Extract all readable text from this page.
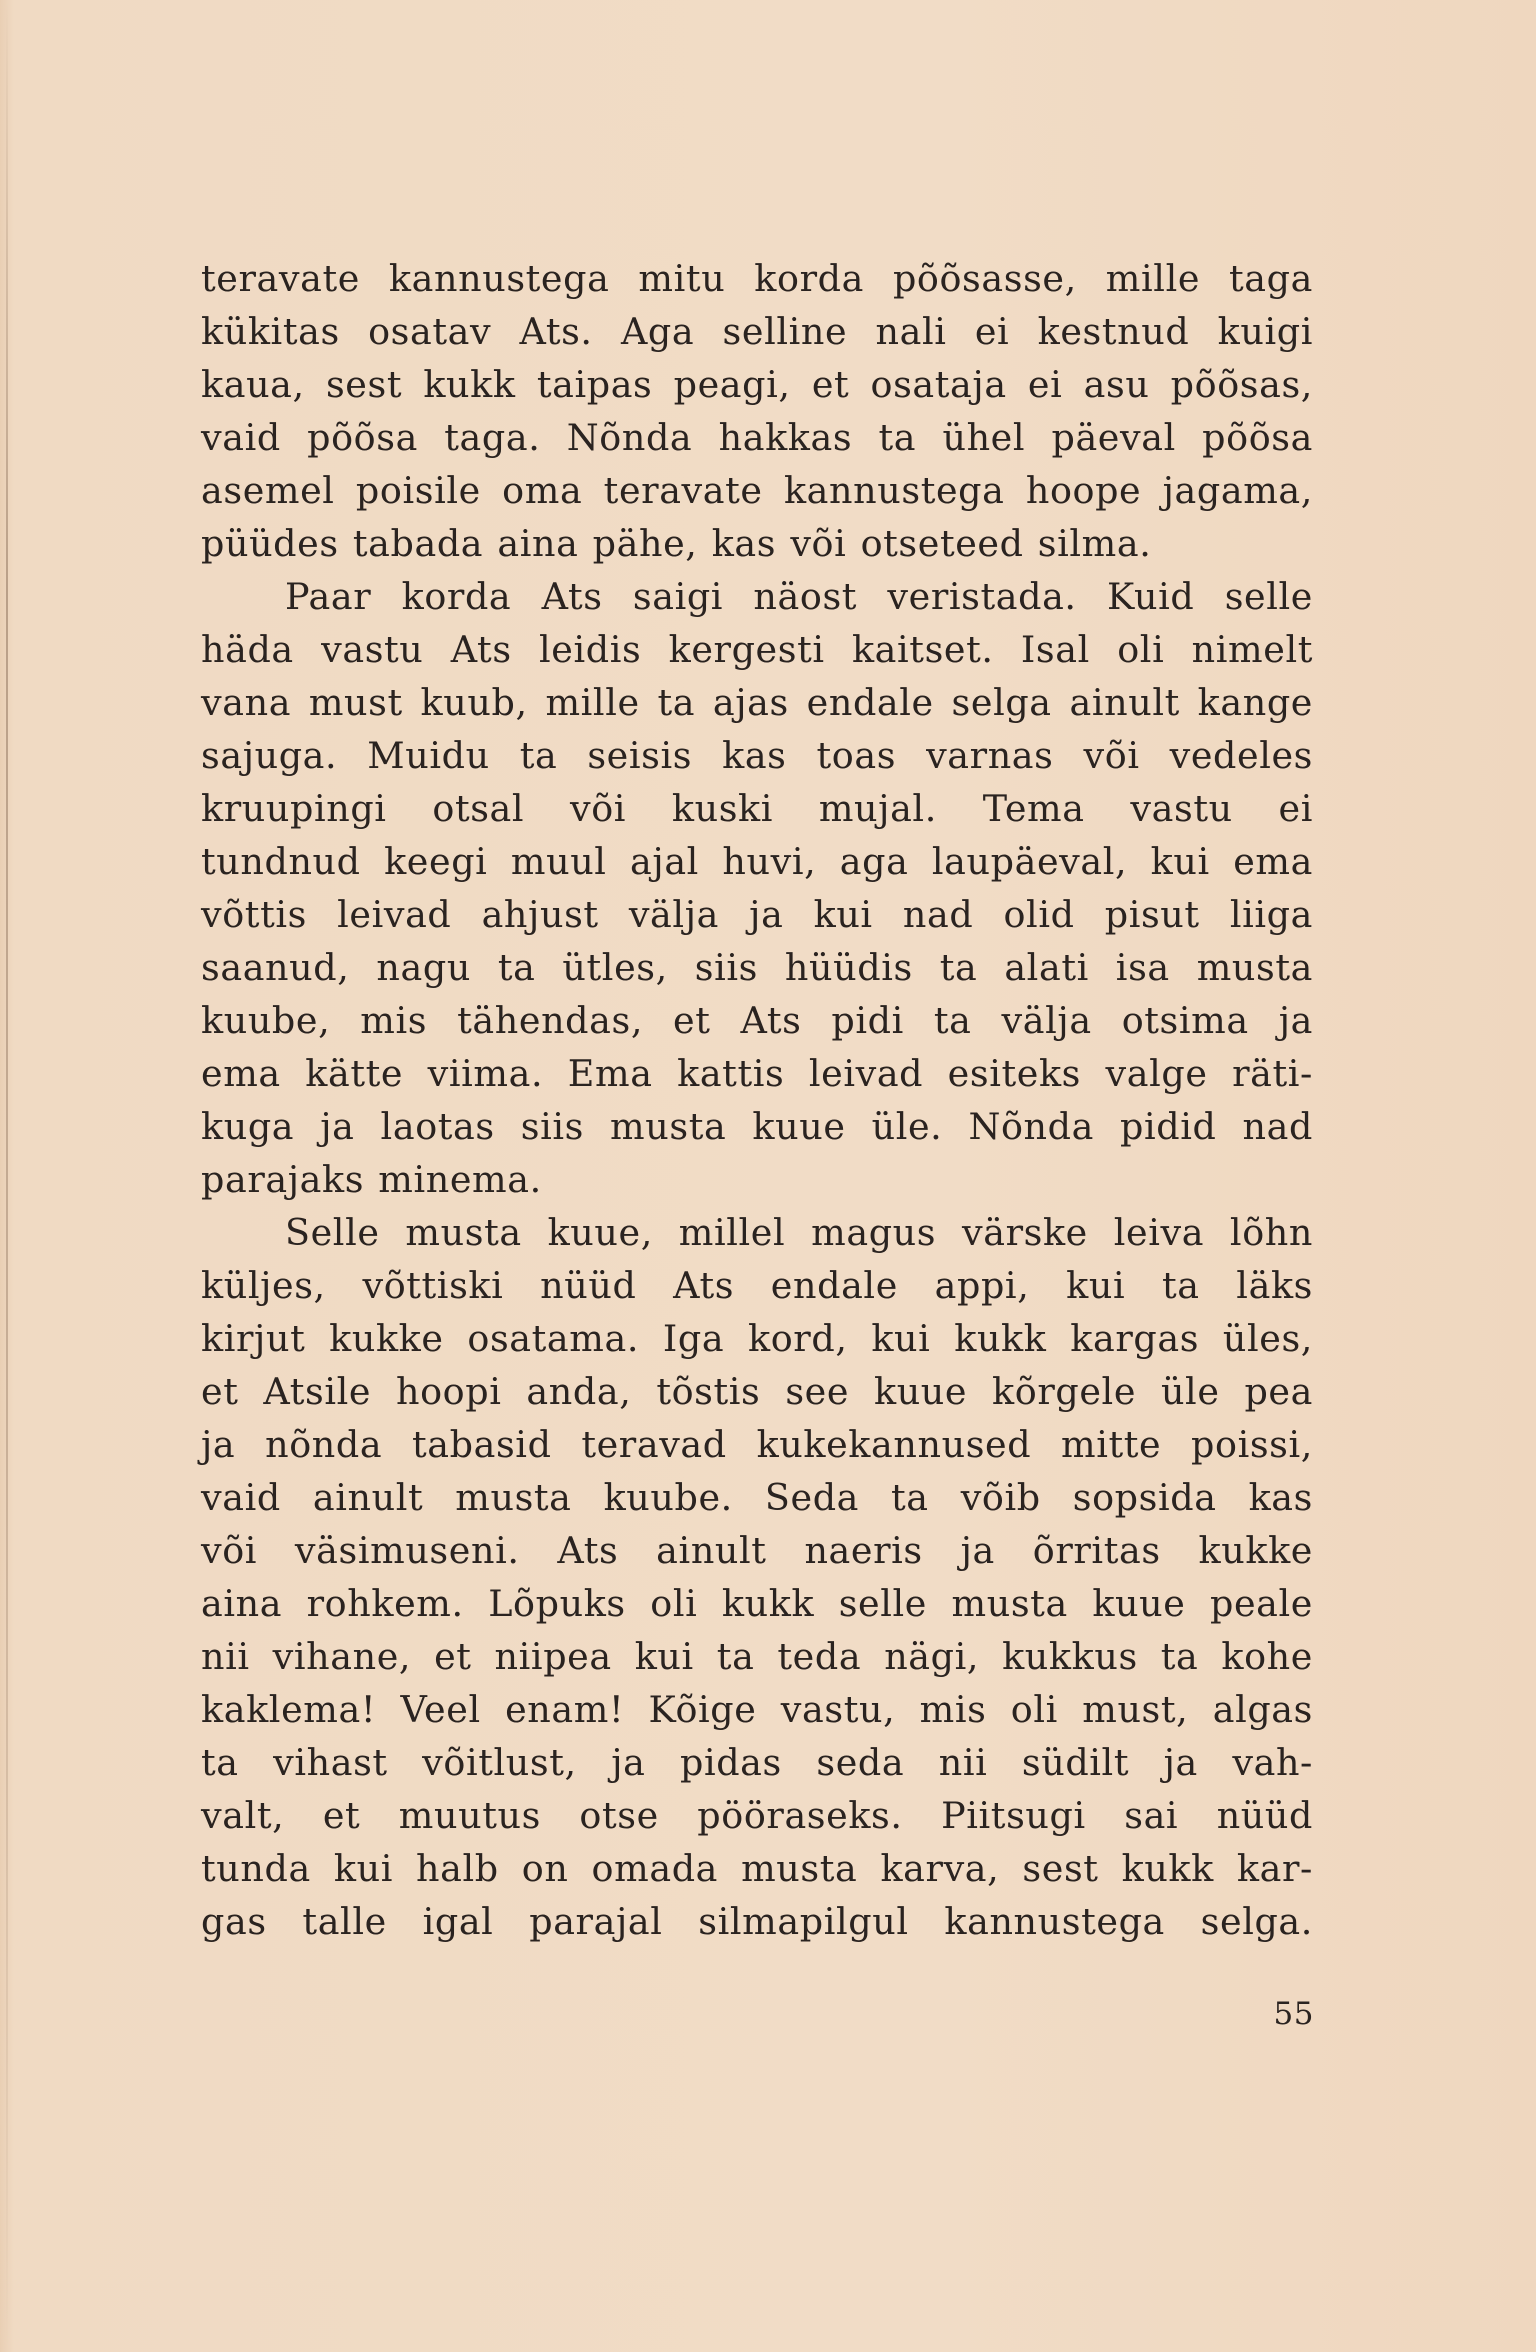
teravate kannustega mitu korda põõsasse, mille taga
kükitas osatav Ats. Aga selline nali ei kestnud kuigi
kaua, sest kukk taipas peagi, et osataja ei asu põõsas,
vaid põõsa taga. Nõnda hakkas ta ühel päeval põõsa
asemel poisile oma teravate kannustega hoope jagama,
püüdes tabada aina pähe, kas või otseteed silma.
Paar korda Ats saigi näost veristada. Kuid selle
häda vastu Ats leidis kergesti kaitset. Isal oli nimelt
vana must kuub, mille ta ajas endale selga ainult kange
sajuga. Muidu ta seisis kas toas varnas või vedeles
kruupingi otsal või kuski mujal. Tema vastu ei
tundnud keegi muul ajal huvi, aga laupäeval, kui ema
võttis leivad ahjust välja ja kui nad olid pisut liiga
saanud, nagu ta ütles, siis hüüdis ta alati isa musta
kuube, mis tähendas, et Ats pidi ta välja otsima ja
ema kätte viima. Ema kattis leivad esiteks valge räti-
kuga ja laotas siis musta kuue üle. Nõnda pidid nad
parajaks minema.
Selle musta kuue, millel magus värske leiva lõhn
küljes, võttiski nüüd Ats endale appi, kui ta läks
kirjut kukke osatama. Iga kord, kui kukk kargas üles,
et Atsile hoopi anda, tõstis see kuue kõrgele üle pea
ja nõnda tabasid teravad kukekannused mitte poissi,
vaid ainult musta kuube. Seda ta võib sopsida kas
või väsimuseni. Ats ainult naeris ja õrritas kukke
aina rohkem. Lõpuks oli kukk selle musta kuue peale
nii vihane, et niipea kui ta teda nägi, kukkus ta kohe
kaklema! Veel enam! Kõige vastu, mis oli must, algas
ta vihast võitlust, ja pidas seda nii südilt ja vah-
valt, et muutus otse pööraseks. Piitsugi sai nüüd
tunda kui halb on omada musta karva, sest kukk kar-
gas talle igal parajal silmapilgul kannustega selga.
55
